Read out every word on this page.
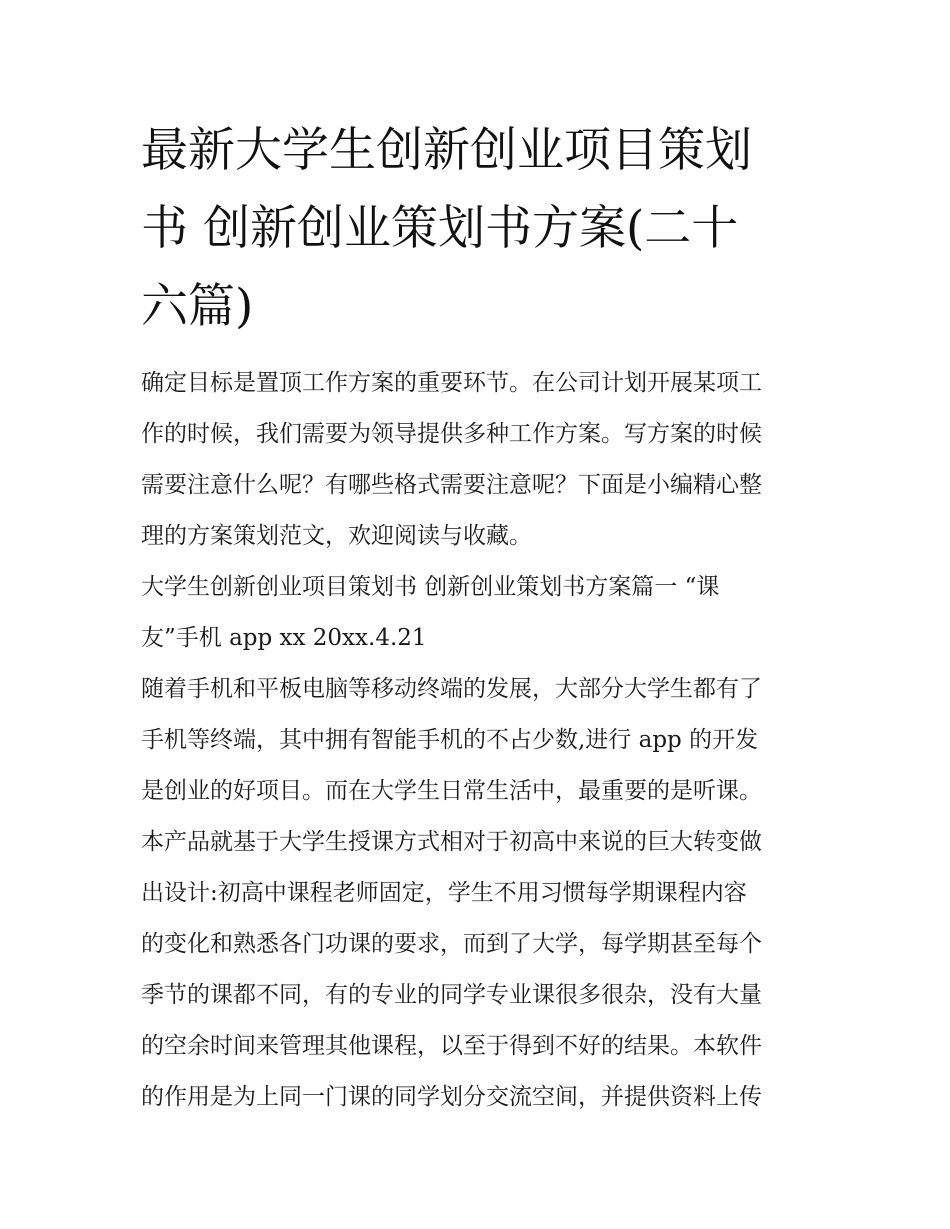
最新大学生创新创业项目策划
书 创新创业策划书方案(二十
六篇)
确定目标是置顶工作方案的重要环节。在公司计划开展某项工
作的时候，我们需要为领导提供多种工作方案。写方案的时候
需要注意什么呢？有哪些格式需要注意呢？下面是小编精心整
理的方案策划范文，欢迎阅读与收藏。
大学生创新创业项目策划书 创新创业策划书方案篇一 “课
友”手机 app xx 20xx.4.21
随着手机和平板电脑等移动终端的发展，大部分大学生都有了
手机等终端，其中拥有智能手机的不占少数,进行 app 的开发
是创业的好项目。而在大学生日常生活中，最重要的是听课。
本产品就基于大学生授课方式相对于初高中来说的巨大转变做
出设计:初高中课程老师固定，学生不用习惯每学期课程内容
的变化和熟悉各门功课的要求，而到了大学，每学期甚至每个
季节的课都不同，有的专业的同学专业课很多很杂，没有大量
的空余时间来管理其他课程，以至于得到不好的结果。本软件
的作用是为上同一门课的同学划分交流空间，并提供资料上传
